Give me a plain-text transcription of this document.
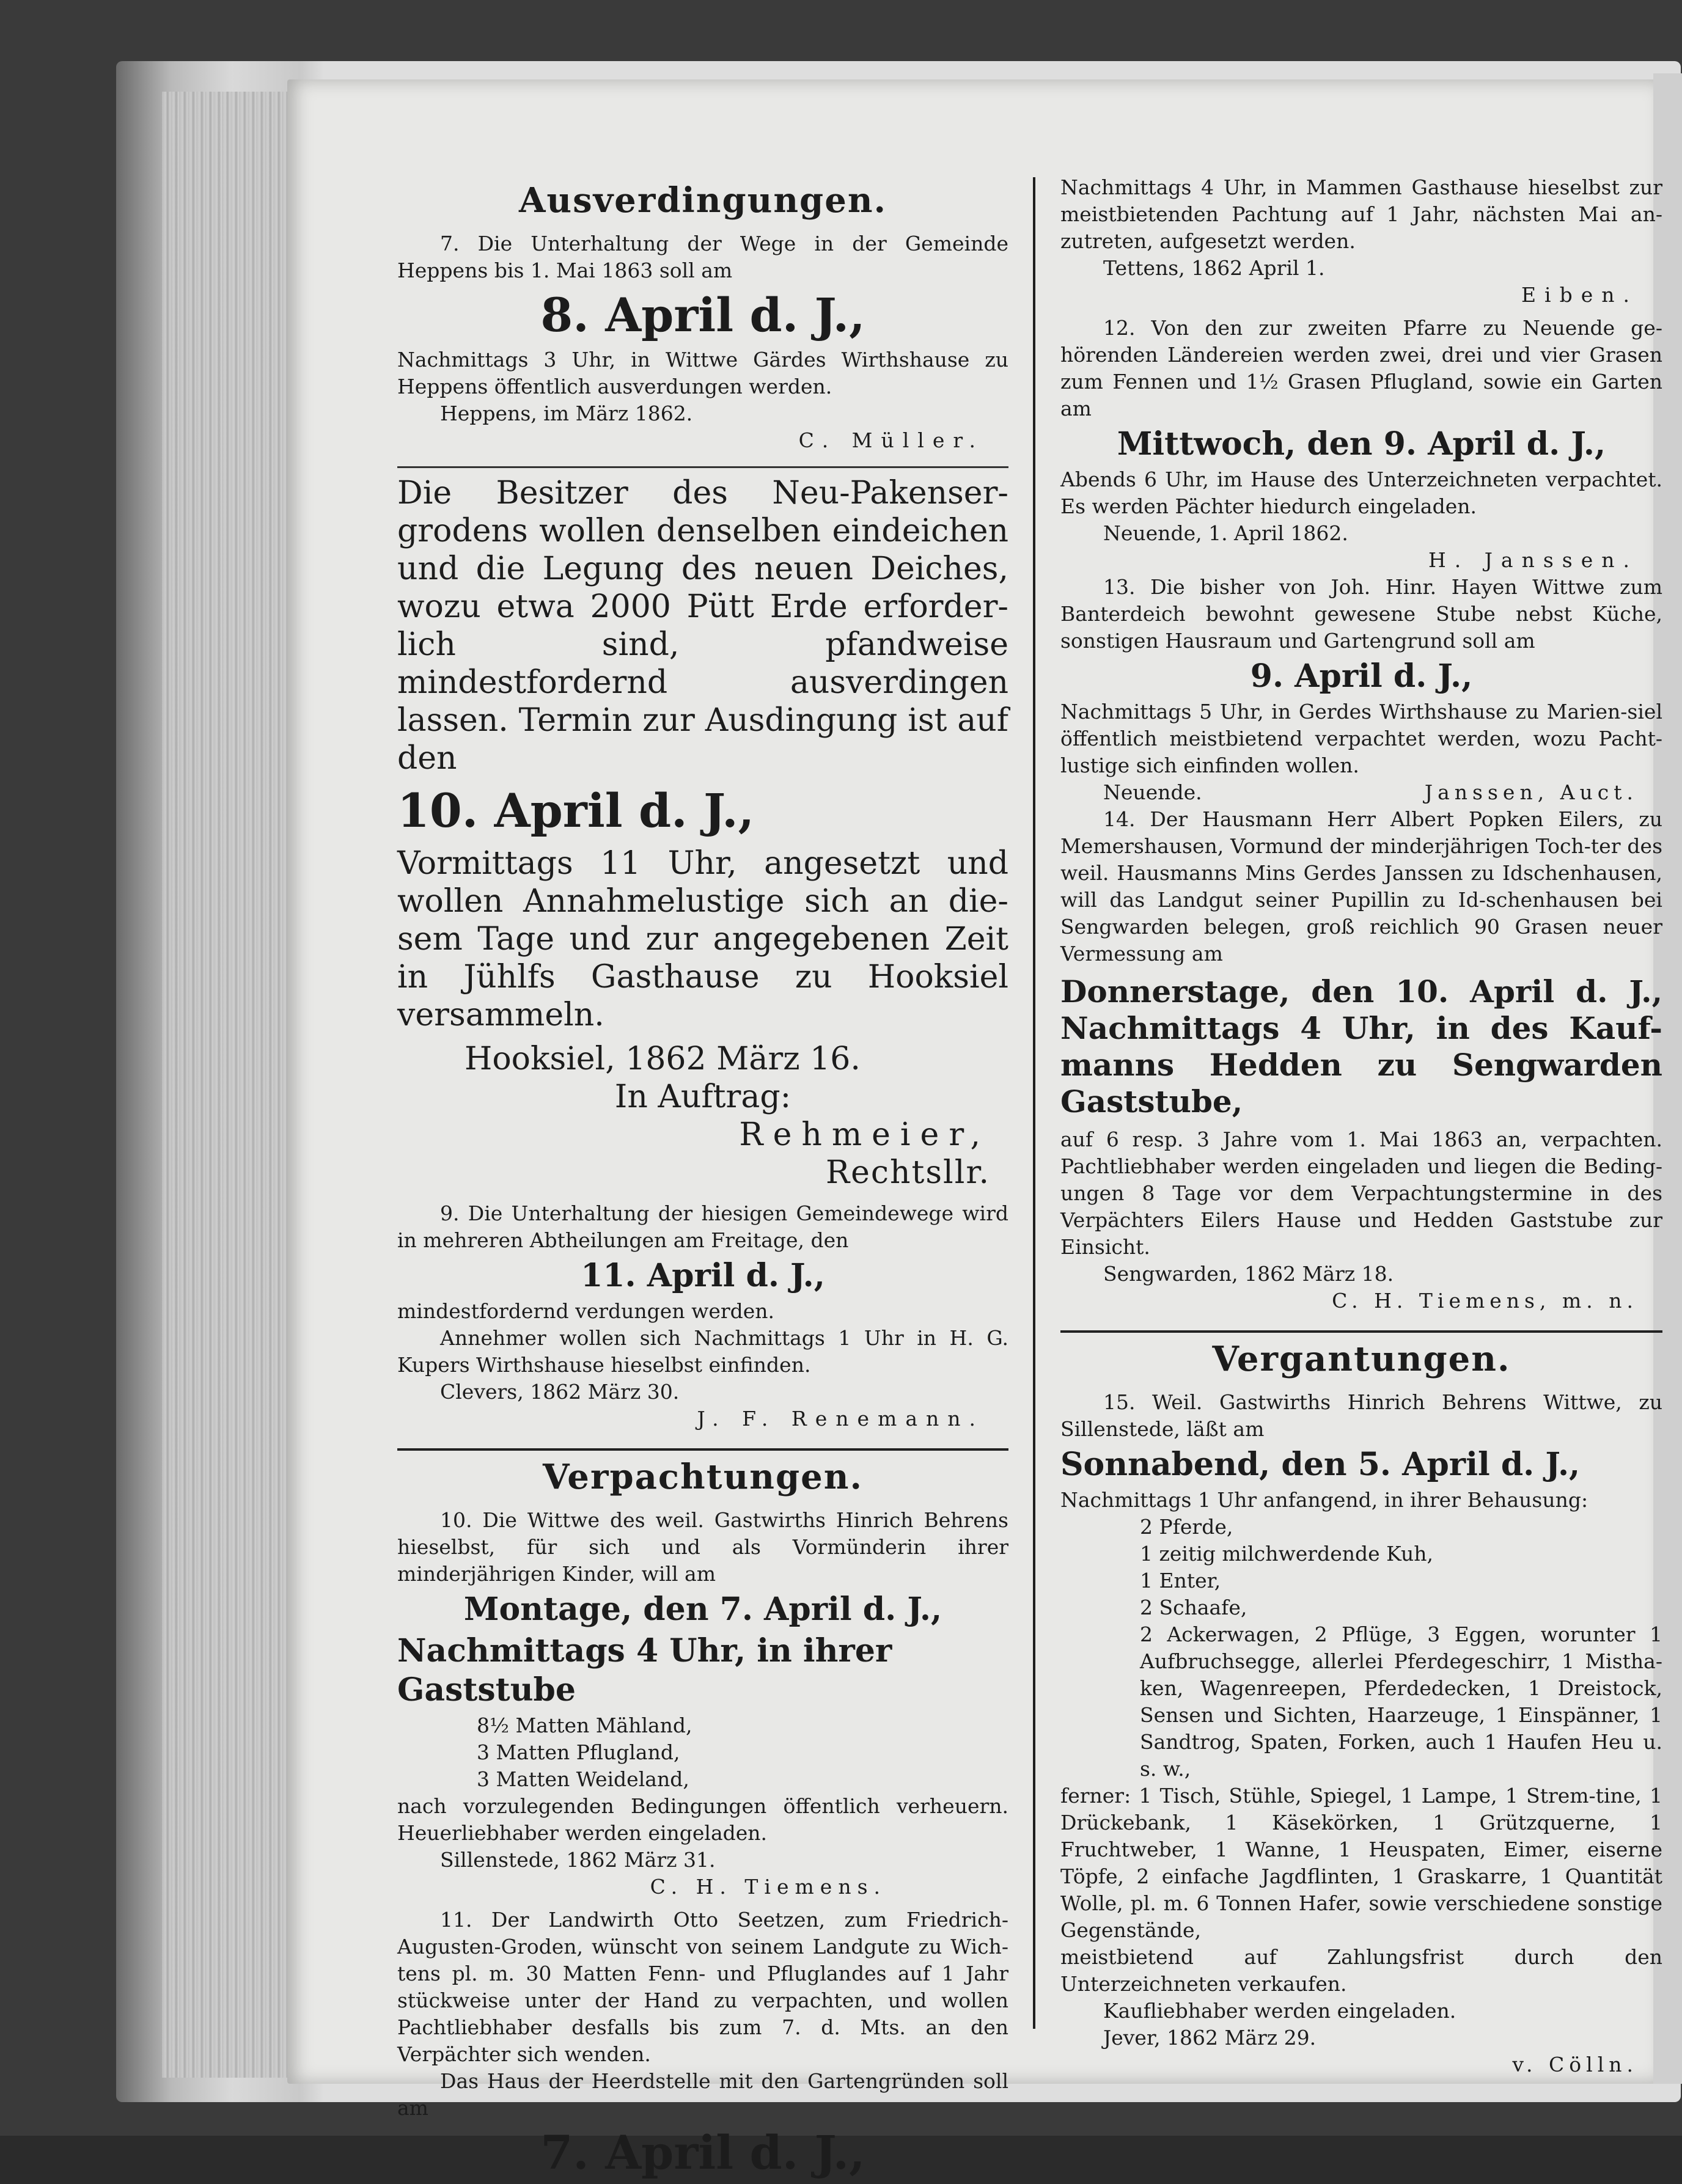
Ausverdingungen.

7. Die Unterhaltung der Wege in der Gemeinde Heppens bis 1. Mai 1863 soll am

8. April d. J.,

Nachmittags 3 Uhr, in Wittwe Gärdes Wirthshause zu Heppens öffentlich ausverdungen werden.

Heppens, im März 1862.

C. Müller.

Die Besitzer des Neu-Pakenser-grodens wollen denselben eindeichen und die Legung des neuen Deiches, wozu etwa 2000 Pütt Erde erforder-lich sind, pfandweise mindestfordernd ausverdingen lassen. Termin zur Ausdingung ist auf den

10. April d. J.,

Vormittags 11 Uhr, angesetzt und wollen Annahmelustige sich an die-sem Tage und zur angegebenen Zeit in Jühlfs Gasthause zu Hooksiel versammeln.

Hooksiel, 1862 März 16.

In Auftrag:

Rehmeier,

Rechtsllr.

9. Die Unterhaltung der hiesigen Gemeindewege wird in mehreren Abtheilungen am Freitage, den

11. April d. J.,

mindestfordernd verdungen werden.

Annehmer wollen sich Nachmittags 1 Uhr in H. G. Kupers Wirthshause hieselbst einfinden.

Clevers, 1862 März 30.

J. F. Renemann.

Verpachtungen.

10. Die Wittwe des weil. Gastwirths Hinrich Behrens hieselbst, für sich und als Vormünderin ihrer minderjährigen Kinder, will am

Montage, den 7. April d. J.,
Nachmittags 4 Uhr, in ihrer Gaststube

8½ Matten Mähland,

3 Matten Pflugland,

3 Matten Weideland,

nach vorzulegenden Bedingungen öffentlich verheuern. Heuerliebhaber werden eingeladen.

Sillenstede, 1862 März 31.

C. H. Tiemens.

11. Der Landwirth Otto Seetzen, zum Friedrich-Augusten-Groden, wünscht von seinem Landgute zu Wich-tens pl. m. 30 Matten Fenn- und Pfluglandes auf 1 Jahr stückweise unter der Hand zu verpachten, und wollen Pachtliebhaber desfalls bis zum 7. d. Mts. an den Verpächter sich wenden.

Das Haus der Heerdstelle mit den Gartengründen soll am

7. April d. J.,

Nachmittags 4 Uhr, in Mammen Gasthause hieselbst zur meistbietenden Pachtung auf 1 Jahr, nächsten Mai an-zutreten, aufgesetzt werden.

Tettens, 1862 April 1.

Eiben.

12. Von den zur zweiten Pfarre zu Neuende ge-hörenden Ländereien werden zwei, drei und vier Grasen zum Fennen und 1½ Grasen Pflugland, sowie ein Garten am

Mittwoch, den 9. April d. J.,

Abends 6 Uhr, im Hause des Unterzeichneten verpachtet. Es werden Pächter hiedurch eingeladen.

Neuende, 1. April 1862.

H. Janssen.

13. Die bisher von Joh. Hinr. Hayen Wittwe zum Banterdeich bewohnt gewesene Stube nebst Küche, sonstigen Hausraum und Gartengrund soll am

9. April d. J.,

Nachmittags 5 Uhr, in Gerdes Wirthshause zu Marien-siel öffentlich meistbietend verpachtet werden, wozu Pacht-lustige sich einfinden wollen.

Neuende.	Janssen, Auct.

14. Der Hausmann Herr Albert Popken Eilers, zu Memershausen, Vormund der minderjährigen Toch-ter des weil. Hausmanns Mins Gerdes Janssen zu Idschenhausen, will das Landgut seiner Pupillin zu Id-schenhausen bei Sengwarden belegen, groß reichlich 90 Grasen neuer Vermessung am

Donnerstage, den 10. April d. J., Nachmittags 4 Uhr, in des Kauf-manns Hedden zu Sengwarden Gaststube,

auf 6 resp. 3 Jahre vom 1. Mai 1863 an, verpachten. Pachtliebhaber werden eingeladen und liegen die Beding-ungen 8 Tage vor dem Verpachtungstermine in des Verpächters Eilers Hause und Hedden Gaststube zur Einsicht.

Sengwarden, 1862 März 18.

C. H. Tiemens, m. n.

Vergantungen.

15. Weil. Gastwirths Hinrich Behrens Wittwe, zu Sillenstede, läßt am

Sonnabend, den 5. April d. J.,

Nachmittags 1 Uhr anfangend, in ihrer Behausung:

2 Pferde,

1 zeitig milchwerdende Kuh,

1 Enter,

2 Schaafe,

2 Ackerwagen, 2 Pflüge, 3 Eggen, worunter 1 Aufbruchsegge, allerlei Pferdegeschirr, 1 Mistha-ken, Wagenreepen, Pferdedecken, 1 Dreistock, Sensen und Sichten, Haarzeuge, 1 Einspänner, 1 Sandtrog, Spaten, Forken, auch 1 Haufen Heu u. s. w.,

ferner: 1 Tisch, Stühle, Spiegel, 1 Lampe, 1 Strem-tine, 1 Drückebank, 1 Käsekörken, 1 Grützquerne, 1 Fruchtweber, 1 Wanne, 1 Heuspaten, Eimer, eiserne Töpfe, 2 einfache Jagdflinten, 1 Graskarre, 1 Quantität Wolle, pl. m. 6 Tonnen Hafer, sowie verschiedene sonstige Gegenstände,

meistbietend auf Zahlungsfrist durch den Unterzeichneten verkaufen.

Kaufliebhaber werden eingeladen.

Jever, 1862 März 29.

v. Cölln.
